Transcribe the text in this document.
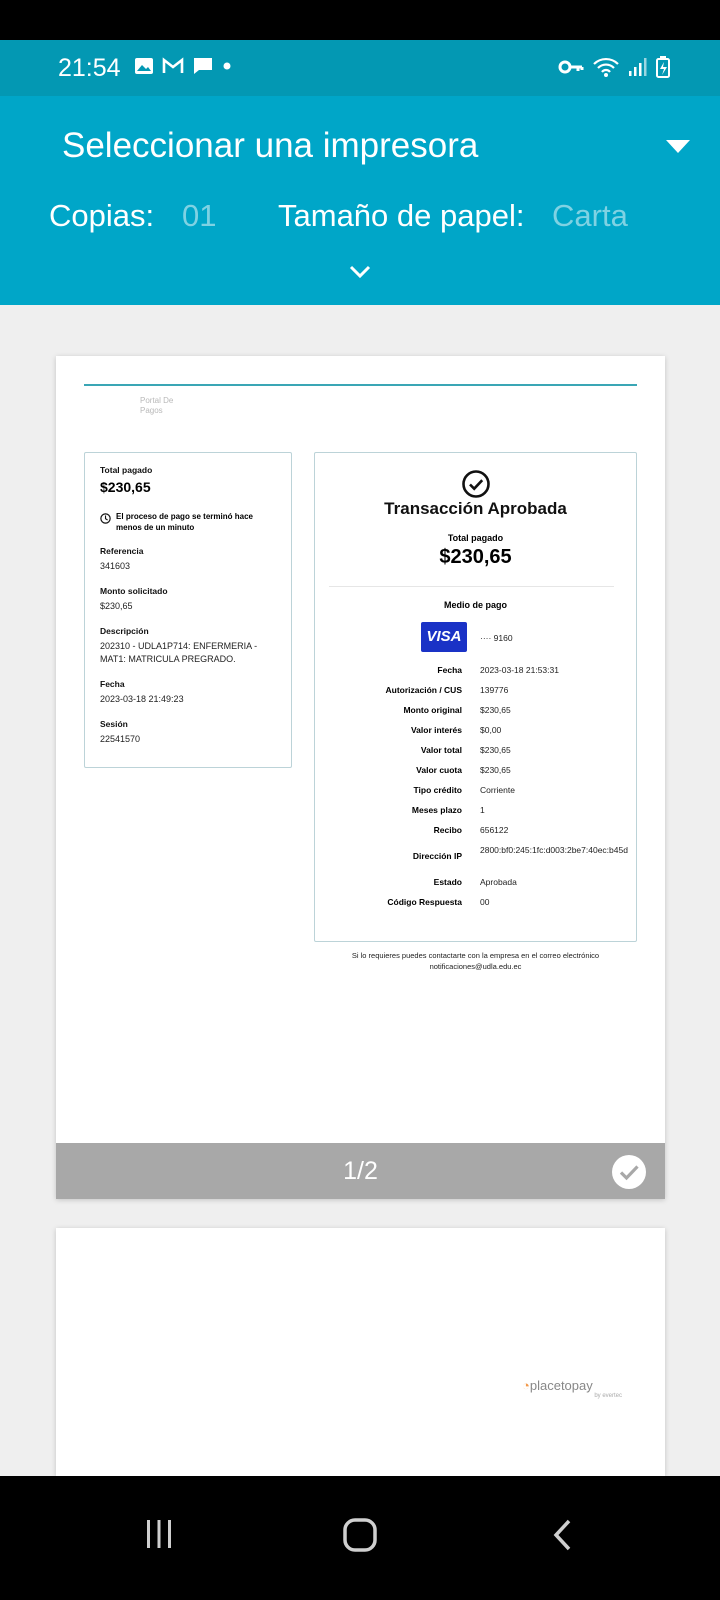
21:54
Seleccionar una impresora
Copias: 01 Tamaño de papel: Carta
Portal De Pagos
Total pagado
$230,65
El proceso de pago se terminó hace menos de un minuto
Referencia
341603
Monto solicitado
$230,65
Descripción
202310 - UDLA1P714: ENFERMERIA - MAT1: MATRICULA PREGRADO.
Fecha
2023-03-18 21:49:23
Sesión
22541570
Transacción Aprobada
Total pagado
$230,65
Medio de pago
VISA	···· 9160
Fecha 2023-03-18 21:53:31
Autorización / CUS 139776
Monto original $230,65
Valor interés $0,00
Valor total $230,65
Valor cuota $230,65
Tipo crédito Corriente
Meses plazo 1
Recibo 656122
Dirección IP
2800:bf0:245:1fc:d003:2be7:40ec:b45d
Estado Aprobada
Código Respuesta 00
Si lo requieres puedes contactarte con la empresa en el correo electrónico
notificaciones@udla.edu.ec
1/2
◔placetopay
by evertec
